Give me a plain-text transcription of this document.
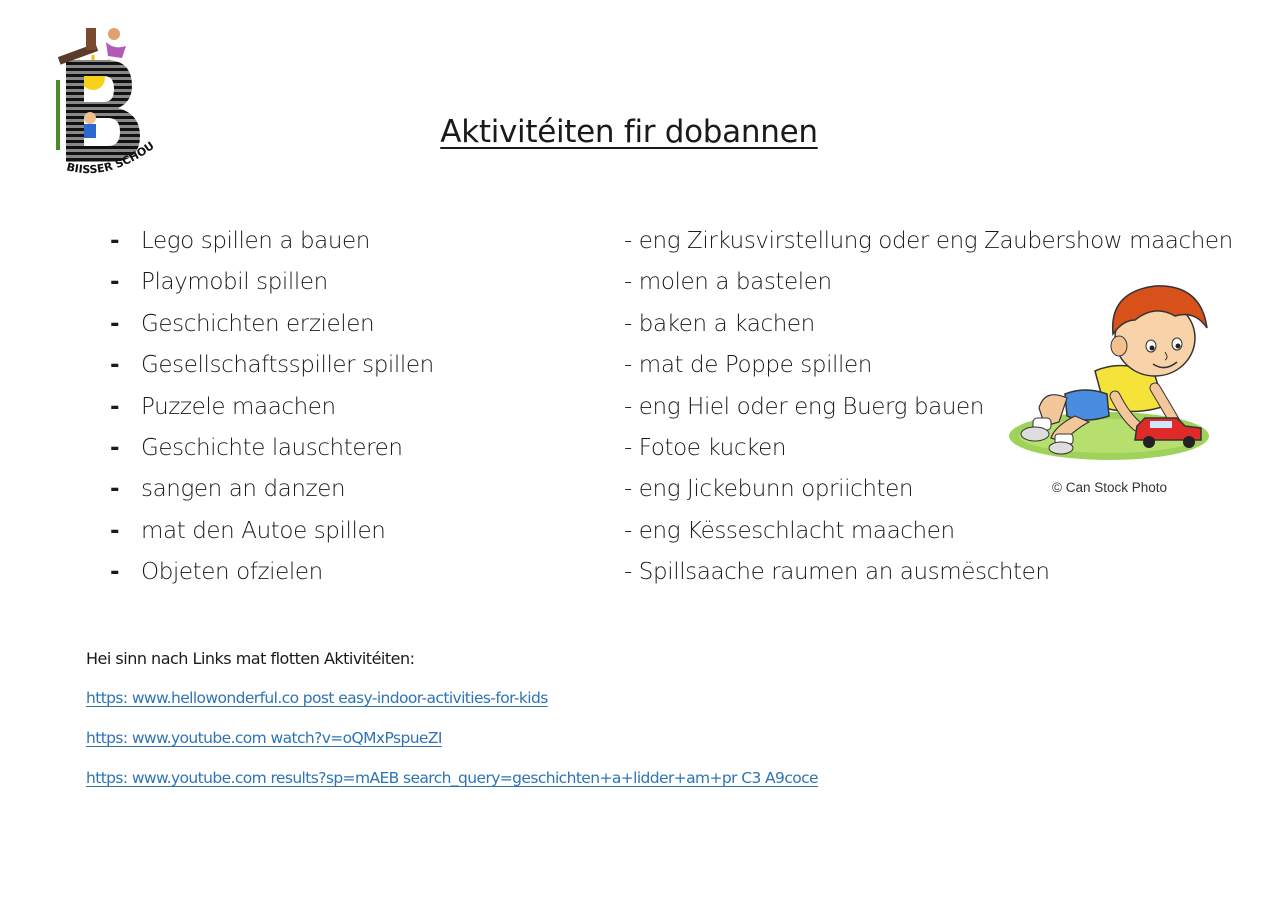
BIISSER SCHOU	Aktivitéiten fir dobannen
- Lego spillen a bauen
- Playmobil spillen
- Geschichten erzielen
- Gesellschaftsspiller spillen
- Puzzele maachen
- Geschichte lauschteren
- sangen an danzen
- mat den Autoe spillen
- Objeten ofzielen
- eng Zirkusvirstellung oder eng Zaubershow maachen
- molen a bastelen
- baken a kachen
- mat de Poppe spillen
- eng Hiel oder eng Buerg bauen
- Fotoe kucken
- eng Jickebunn opriichten
- eng Kësseschlacht maachen
- Spillsaache raumen an ausmëschten
© Can Stock Photo

Hei sinn nach Links mat flotten Aktivitéiten:

https: www.hellowonderful.co post easy-indoor-activities-for-kids
https: www.youtube.com watch?v=oQMxPspueZI
https: www.youtube.com results?sp=mAEB search_query=geschichten+a+lidder+am+pr C3 A9coce
